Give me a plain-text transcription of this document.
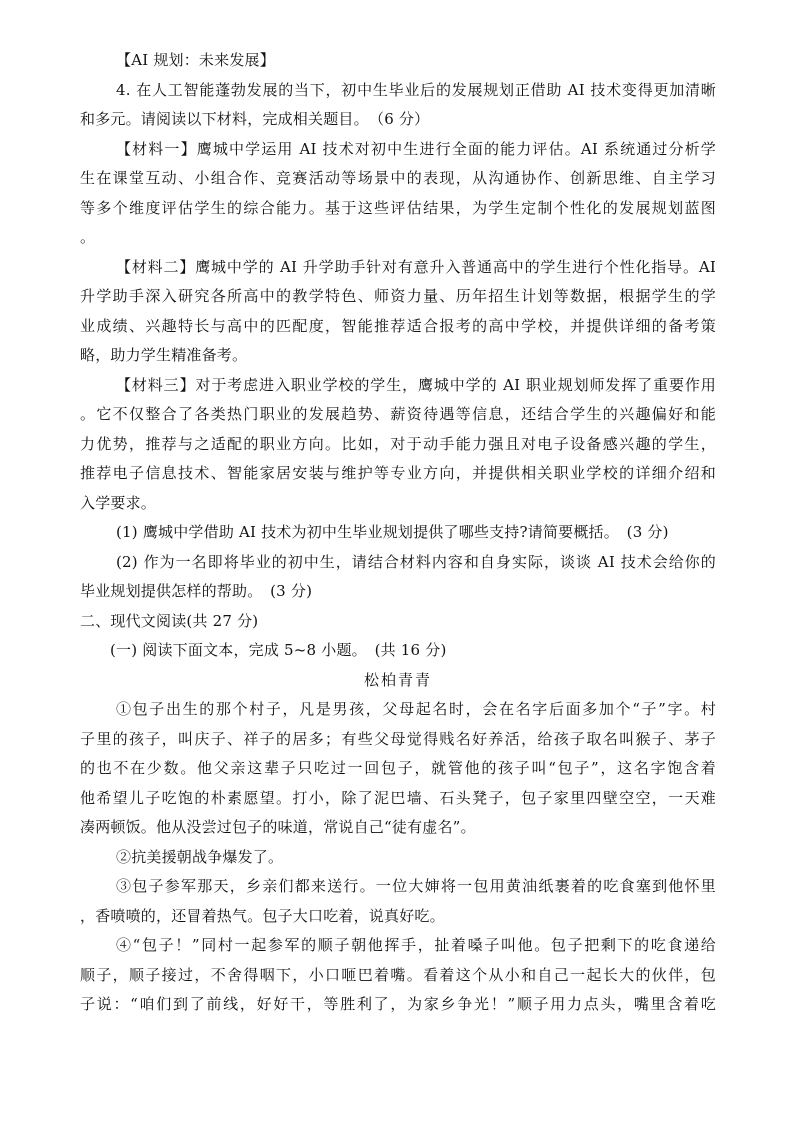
【AI 规划：未来发展】
4. 在人工智能蓬勃发展的当下，初中生毕业后的发展规划正借助 AI 技术变得更加清晰
和多元。请阅读以下材料，完成相关题目。　（6 分）
【材料一】鹰城中学运用 AI 技术对初中生进行全面的能力评估。AI 系统通过分析学
生在课堂互动、小组合作、竞赛活动等场景中的表现，从沟通协作、创新思维、自主学习
等多个维度评估学生的综合能力。基于这些评估结果，为学生定制个性化的发展规划蓝图
。
【材料二】鹰城中学的 AI 升学助手针对有意升入普通高中的学生进行个性化指导。AI
升学助手深入研究各所高中的教学特色、师资力量、历年招生计划等数据，根据学生的学
业成绩、兴趣特长与高中的匹配度，智能推荐适合报考的高中学校，并提供详细的备考策
略，助力学生精准备考。
【材料三】对于考虑进入职业学校的学生，鹰城中学的 AI 职业规划师发挥了重要作用
。它不仅整合了各类热门职业的发展趋势、薪资待遇等信息，还结合学生的兴趣偏好和能
力优势，推荐与之适配的职业方向。比如，对于动手能力强且对电子设备感兴趣的学生，
推荐电子信息技术、智能家居安装与维护等专业方向，并提供相关职业学校的详细介绍和
入学要求。
(1) 鹰城中学借助 AI 技术为初中生毕业规划提供了哪些支持?请简要概括。　(3 分)
(2) 作为一名即将毕业的初中生，请结合材料内容和自身实际，谈谈 AI 技术会给你的
毕业规划提供怎样的帮助。　(3 分)
二、现代文阅读(共 27 分)
(一) 阅读下面文本，完成 5~8 小题。　(共 16 分)
松柏青青
①包子出生的那个村子，凡是男孩，父母起名时，会在名字后面多加个“子”字。村
子里的孩子，叫庆子、祥子的居多；有些父母觉得贱名好养活，给孩子取名叫猴子、茅子
的也不在少数。他父亲这辈子只吃过一回包子，就管他的孩子叫“包子”，这名字饱含着
他希望儿子吃饱的朴素愿望。打小，除了泥巴墙、石头凳子，包子家里四壁空空，一天难
凑两顿饭。他从没尝过包子的味道，常说自己“徒有虚名”。
②抗美援朝战争爆发了。
③包子参军那天，乡亲们都来送行。一位大婶将一包用黄油纸裹着的吃食塞到他怀里
，香喷喷的，还冒着热气。包子大口吃着，说真好吃。
④“包子！”同村一起参军的顺子朝他挥手，扯着嗓子叫他。包子把剩下的吃食递给
顺子，顺子接过，不舍得咽下，小口咂巴着嘴。看着这个从小和自己一起长大的伙伴，包
子说：“咱们到了前线，好好干，等胜利了，为家乡争光！”顺子用力点头，嘴里含着吃
